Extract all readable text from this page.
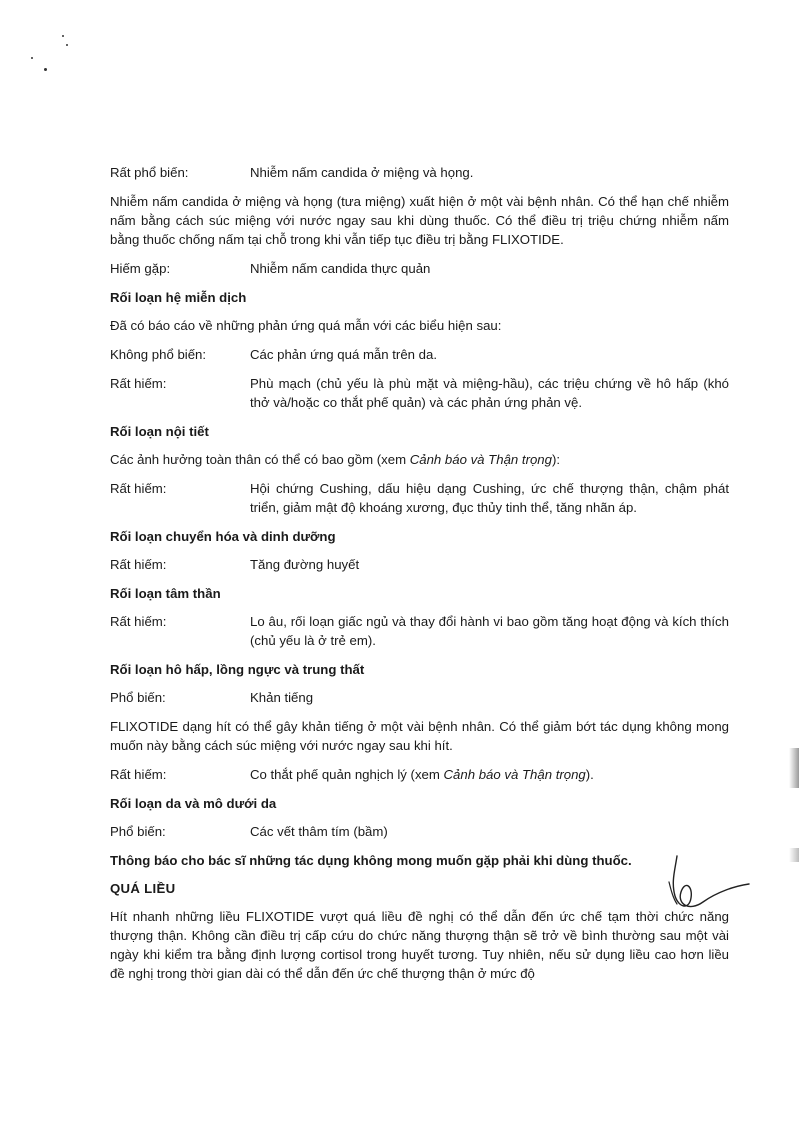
Rất phổ biến:	Nhiễm nấm candida ở miệng và họng.

Nhiễm nấm candida ở miệng và họng (tưa miệng) xuất hiện ở một vài bệnh nhân. Có thể hạn chế nhiễm nấm bằng cách súc miệng với nước ngay sau khi dùng thuốc. Có thể điều trị triệu chứng nhiễm nấm bằng thuốc chống nấm tại chỗ trong khi vẫn tiếp tục điều trị bằng FLIXOTIDE.

Hiếm gặp:	Nhiễm nấm candida thực quản
Rối loạn hệ miễn dịch

Đã có báo cáo về những phản ứng quá mẫn với các biểu hiện sau:

Không phổ biến:	Các phản ứng quá mẫn trên da.
Rất hiếm:	Phù mạch (chủ yếu là phù mặt và miệng-hầu), các triệu chứng về hô hấp (khó thở và/hoặc co thắt phế quản) và các phản ứng phản vệ.
Rối loạn nội tiết

Các ảnh hưởng toàn thân có thể có bao gồm (xem Cảnh báo và Thận trọng):

Rất hiếm:	Hội chứng Cushing, dấu hiệu dạng Cushing, ức chế thượng thận, chậm phát triển, giảm mật độ khoáng xương, đục thủy tinh thể, tăng nhãn áp.
Rối loạn chuyển hóa và dinh dưỡng
Rất hiếm:	Tăng đường huyết
Rối loạn tâm thần
Rất hiếm:	Lo âu, rối loạn giấc ngủ và thay đổi hành vi bao gồm tăng hoạt động và kích thích (chủ yếu là ở trẻ em).
Rối loạn hô hấp, lồng ngực và trung thất
Phổ biến:	Khản tiếng

FLIXOTIDE dạng hít có thể gây khản tiếng ở một vài bệnh nhân. Có thể giảm bớt tác dụng không mong muốn này bằng cách súc miệng với nước ngay sau khi hít.

Rất hiếm:	Co thắt phế quản nghịch lý (xem Cảnh báo và Thận trọng).
Rối loạn da và mô dưới da
Phổ biến:	Các vết thâm tím (bầm)
Thông báo cho bác sĩ những tác dụng không mong muốn gặp phải khi dùng thuốc.
QUÁ LIỀU

Hít nhanh những liều FLIXOTIDE vượt quá liều đề nghị có thể dẫn đến ức chế tạm thời chức năng thượng thận. Không cần điều trị cấp cứu do chức năng thượng thận sẽ trở về bình thường sau một vài ngày khi kiểm tra bằng định lượng cortisol trong huyết tương. Tuy nhiên, nếu sử dụng liều cao hơn liều đề nghị trong thời gian dài có thể dẫn đến ức chế thượng thận ở mức độ
